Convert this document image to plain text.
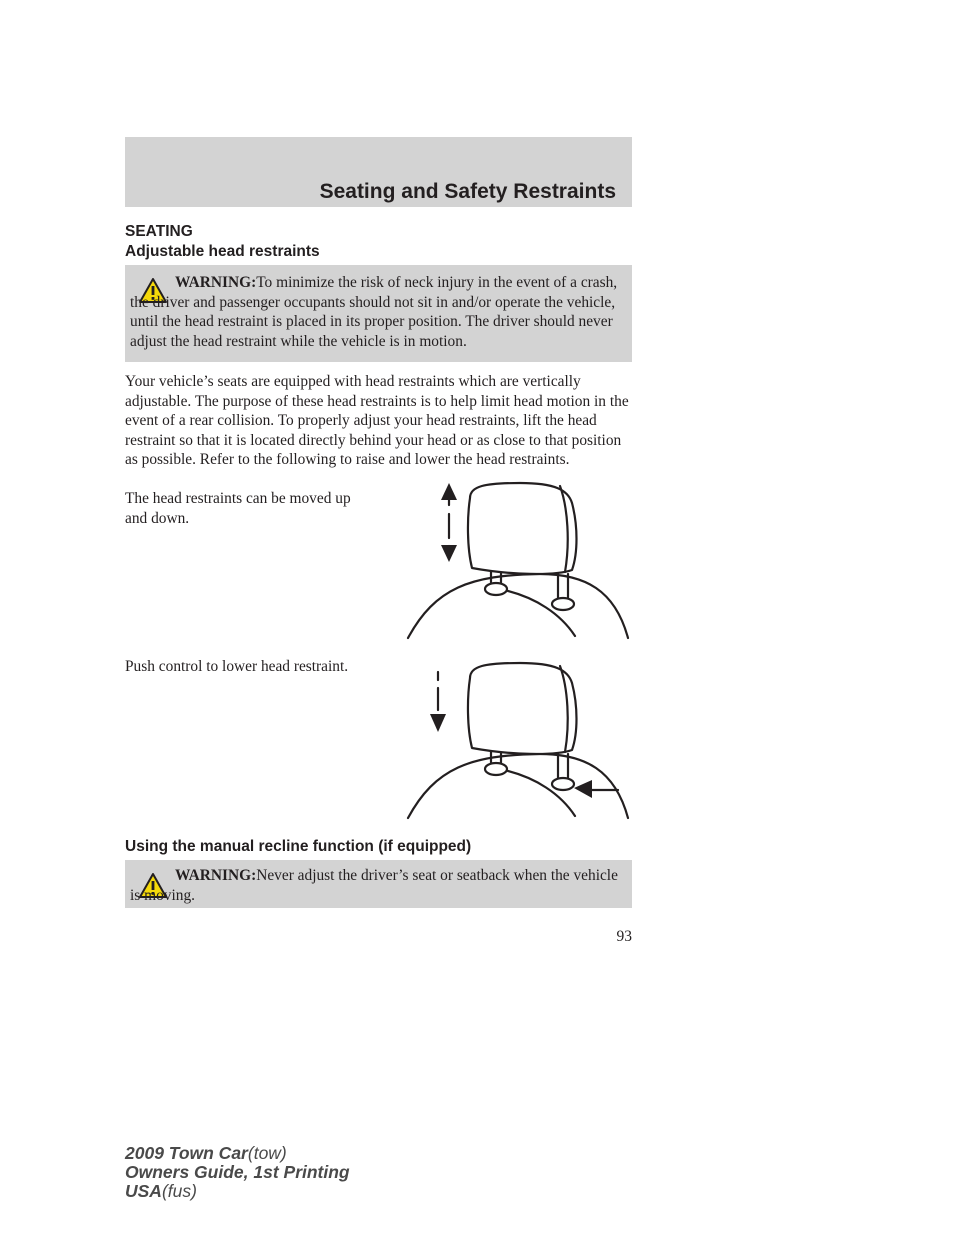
Seating and Safety Restraints
SEATING
Adjustable head restraints
WARNING:To minimize the risk of neck injury in the event of a crash, the driver and passenger occupants should not sit in and/or operate the vehicle, until the head restraint is placed in its proper position. The driver should never adjust the head restraint while the vehicle is in motion.
Your vehicle’s seats are equipped with head restraints which are vertically adjustable. The purpose of these head restraints is to help limit head motion in the event of a rear collision. To properly adjust your head restraints, lift the head restraint so that it is located directly behind your head or as close to that position as possible. Refer to the following to raise and lower the head restraints.
The head restraints can be moved up and down.
Push control to lower head restraint.
Using the manual recline function (if equipped)
WARNING:Never adjust the driver’s seat or seatback when the vehicle is moving.
93
2009 Town Car(tow)
Owners Guide, 1st Printing
USA(fus)
